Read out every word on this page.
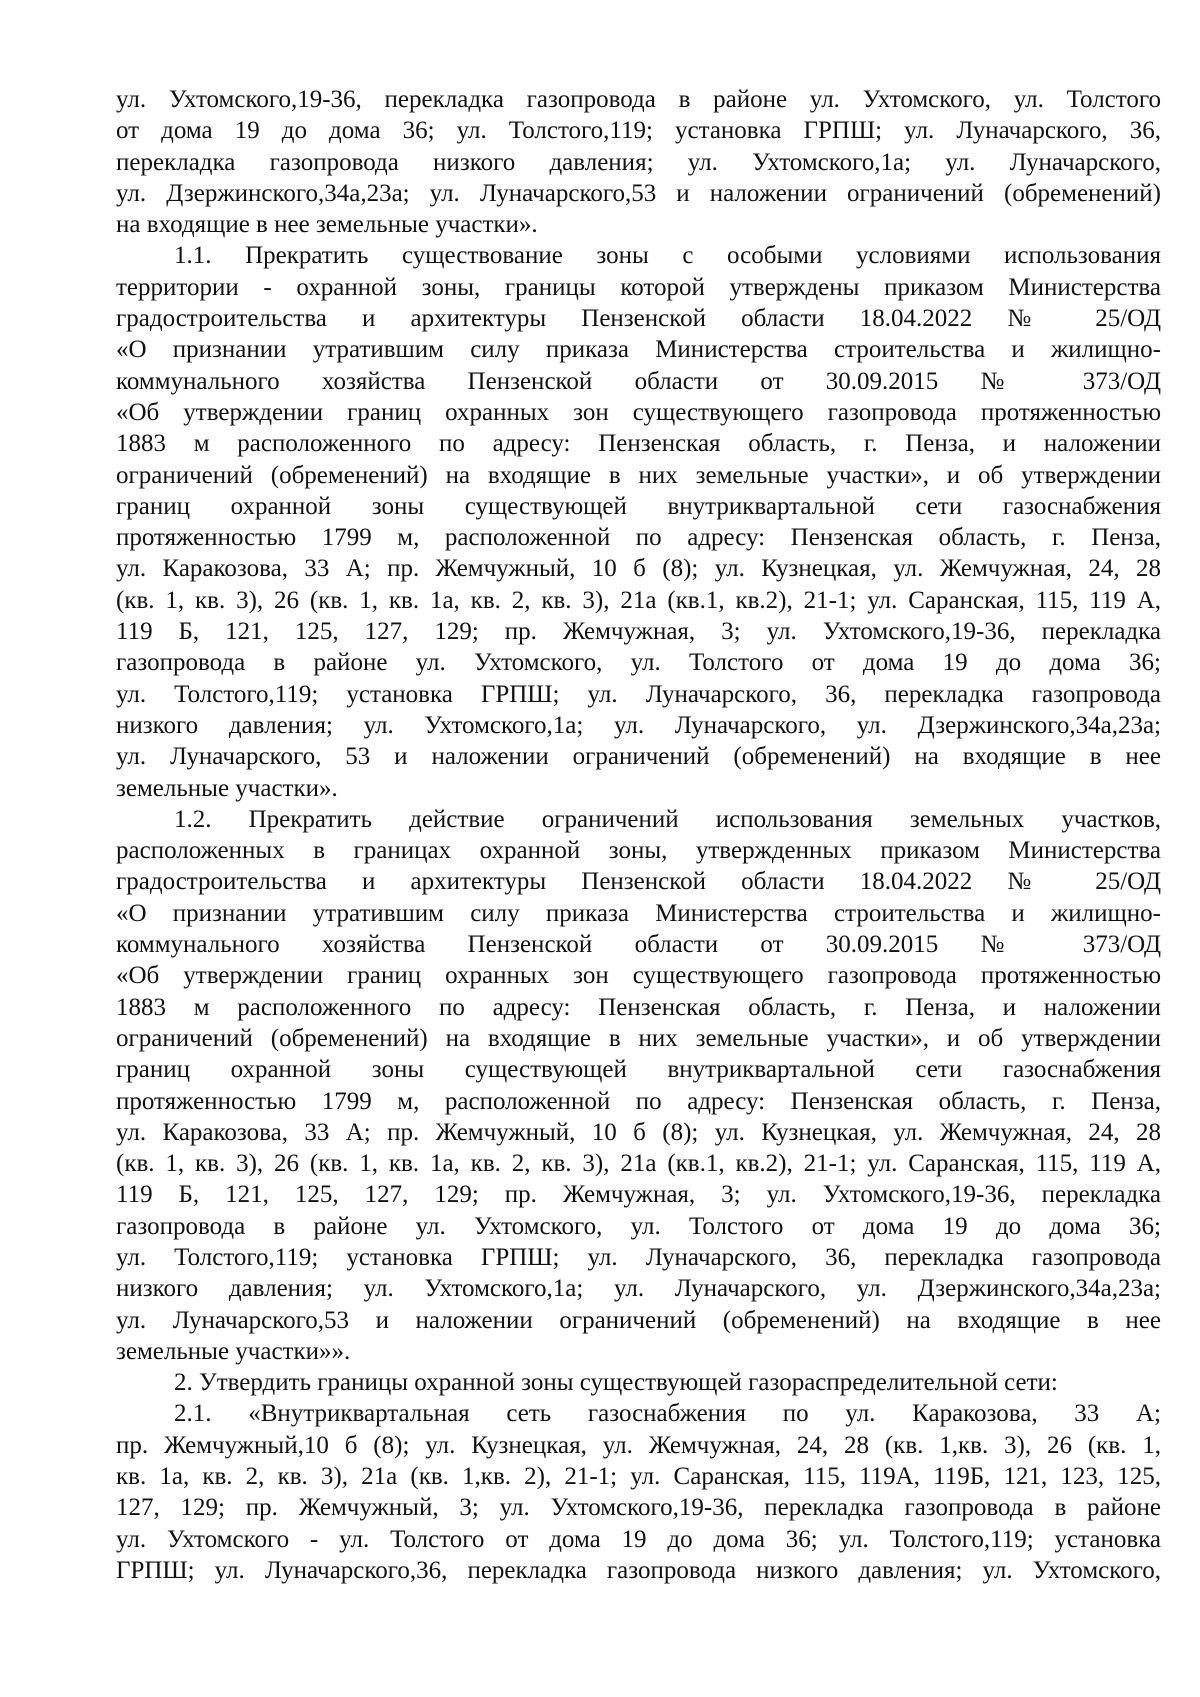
ул. Ухтомского,19-36, перекладка газопровода в районе ул. Ухтомского, ул. Толстого
от дома 19 до дома 36; ул. Толстого,119; установка ГРПШ; ул. Луначарского, 36,
перекладка газопровода низкого давления; ул. Ухтомского,1а; ул. Луначарского,
ул. Дзержинского,34а,23а; ул. Луначарского,53 и наложении ограничений (обременений)
на входящие в нее земельные участки».
1.1. Прекратить существование зоны с особыми условиями использования
территории - охранной зоны, границы которой утверждены приказом Министерства
градостроительства и архитектуры Пензенской области 18.04.2022 № 25/ОД
«О признании утратившим силу приказа Министерства строительства и жилищно-
коммунального хозяйства Пензенской области от 30.09.2015 № 373/ОД
«Об утверждении границ охранных зон существующего газопровода протяженностью
1883 м расположенного по адресу: Пензенская область, г. Пенза, и наложении
ограничений (обременений) на входящие в них земельные участки», и об утверждении
границ охранной зоны существующей внутриквартальной сети газоснабжения
протяженностью 1799 м, расположенной по адресу: Пензенская область, г. Пенза,
ул. Каракозова, 33 А; пр. Жемчужный, 10 б (8); ул. Кузнецкая, ул. Жемчужная, 24, 28
(кв. 1, кв. 3), 26 (кв. 1, кв. 1а, кв. 2, кв. 3), 21а (кв.1, кв.2), 21-1; ул. Саранская, 115, 119 А,
119 Б, 121, 125, 127, 129; пр. Жемчужная, 3; ул. Ухтомского,19-36, перекладка
газопровода в районе ул. Ухтомского, ул. Толстого от дома 19 до дома 36;
ул. Толстого,119; установка ГРПШ; ул. Луначарского, 36, перекладка газопровода
низкого давления; ул. Ухтомского,1а; ул. Луначарского, ул. Дзержинского,34а,23а;
ул. Луначарского, 53 и наложении ограничений (обременений) на входящие в нее
земельные участки».
1.2. Прекратить действие ограничений использования земельных участков,
расположенных в границах охранной зоны, утвержденных приказом Министерства
градостроительства и архитектуры Пензенской области 18.04.2022 № 25/ОД
«О признании утратившим силу приказа Министерства строительства и жилищно-
коммунального хозяйства Пензенской области от 30.09.2015 № 373/ОД
«Об утверждении границ охранных зон существующего газопровода протяженностью
1883 м расположенного по адресу: Пензенская область, г. Пенза, и наложении
ограничений (обременений) на входящие в них земельные участки», и об утверждении
границ охранной зоны существующей внутриквартальной сети газоснабжения
протяженностью 1799 м, расположенной по адресу: Пензенская область, г. Пенза,
ул. Каракозова, 33 А; пр. Жемчужный, 10 б (8); ул. Кузнецкая, ул. Жемчужная, 24, 28
(кв. 1, кв. 3), 26 (кв. 1, кв. 1а, кв. 2, кв. 3), 21а (кв.1, кв.2), 21-1; ул. Саранская, 115, 119 А,
119 Б, 121, 125, 127, 129; пр. Жемчужная, 3; ул. Ухтомского,19-36, перекладка
газопровода в районе ул. Ухтомского, ул. Толстого от дома 19 до дома 36;
ул. Толстого,119; установка ГРПШ; ул. Луначарского, 36, перекладка газопровода
низкого давления; ул. Ухтомского,1а; ул. Луначарского, ул. Дзержинского,34а,23а;
ул. Луначарского,53 и наложении ограничений (обременений) на входящие в нее
земельные участки»».
2. Утвердить границы охранной зоны существующей газораспределительной сети:
2.1. «Внутриквартальная сеть газоснабжения по ул. Каракозова, 33 А;
пр. Жемчужный,10 б (8); ул. Кузнецкая, ул. Жемчужная, 24, 28 (кв. 1,кв. 3), 26 (кв. 1,
кв. 1а, кв. 2, кв. 3), 21а (кв. 1,кв. 2), 21-1; ул. Саранская, 115, 119А, 119Б, 121, 123, 125,
127, 129; пр. Жемчужный, 3; ул. Ухтомского,19-36, перекладка газопровода в районе
ул. Ухтомского - ул. Толстого от дома 19 до дома 36; ул. Толстого,119; установка
ГРПШ; ул. Луначарского,36, перекладка газопровода низкого давления; ул. Ухтомского,
